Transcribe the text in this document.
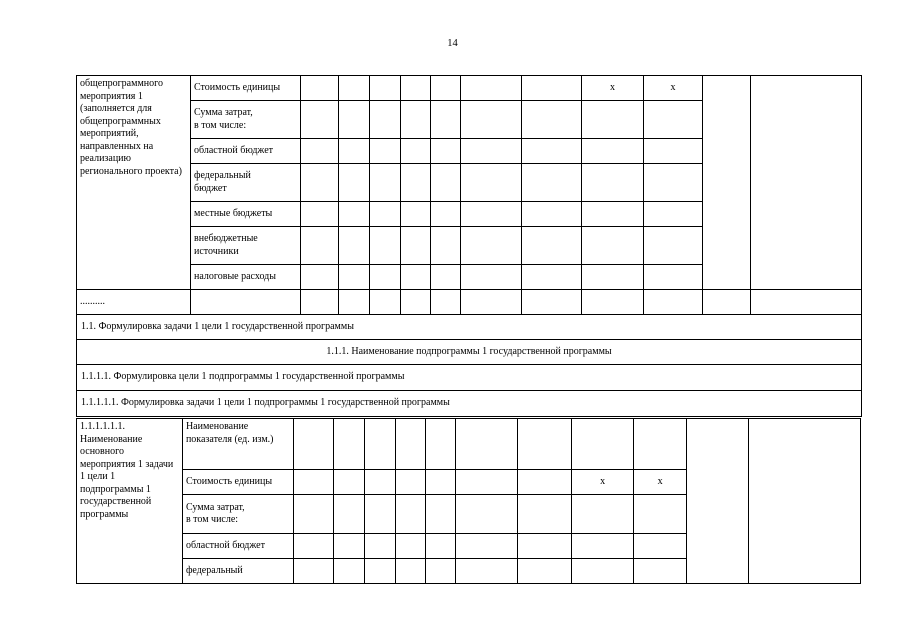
14
общепрограммного мероприятия 1 (заполняется для общепрограммных мероприятий, направленных на реализацию регионального проекта)	Стоимость единицы								x	x		
	Сумма затрат,
в том числе:											
	областной бюджет											
	федеральный
бюджет											
	местные бюджеты											
	внебюджетные
источники											
	налоговые расходы											
..........												
1.1. Формулировка задачи 1 цели 1 государственной программы												
1.1.1. Наименование подпрограммы 1 государственной программы												
1.1.1.1. Формулировка цели 1 подпрограммы 1 государственной программы												
1.1.1.1.1. Формулировка задачи 1 цели 1 подпрограммы 1 государственной программы												
1.1.1.1.1.1. Наименование основного мероприятия 1 задачи 1 цели 1 подпрограммы 1 государственной программы	Наименование показателя (ед. изм.)											
	Стоимость единицы								x	x		
	Сумма затрат,
в том числе:											
	областной бюджет											
	федеральный											
